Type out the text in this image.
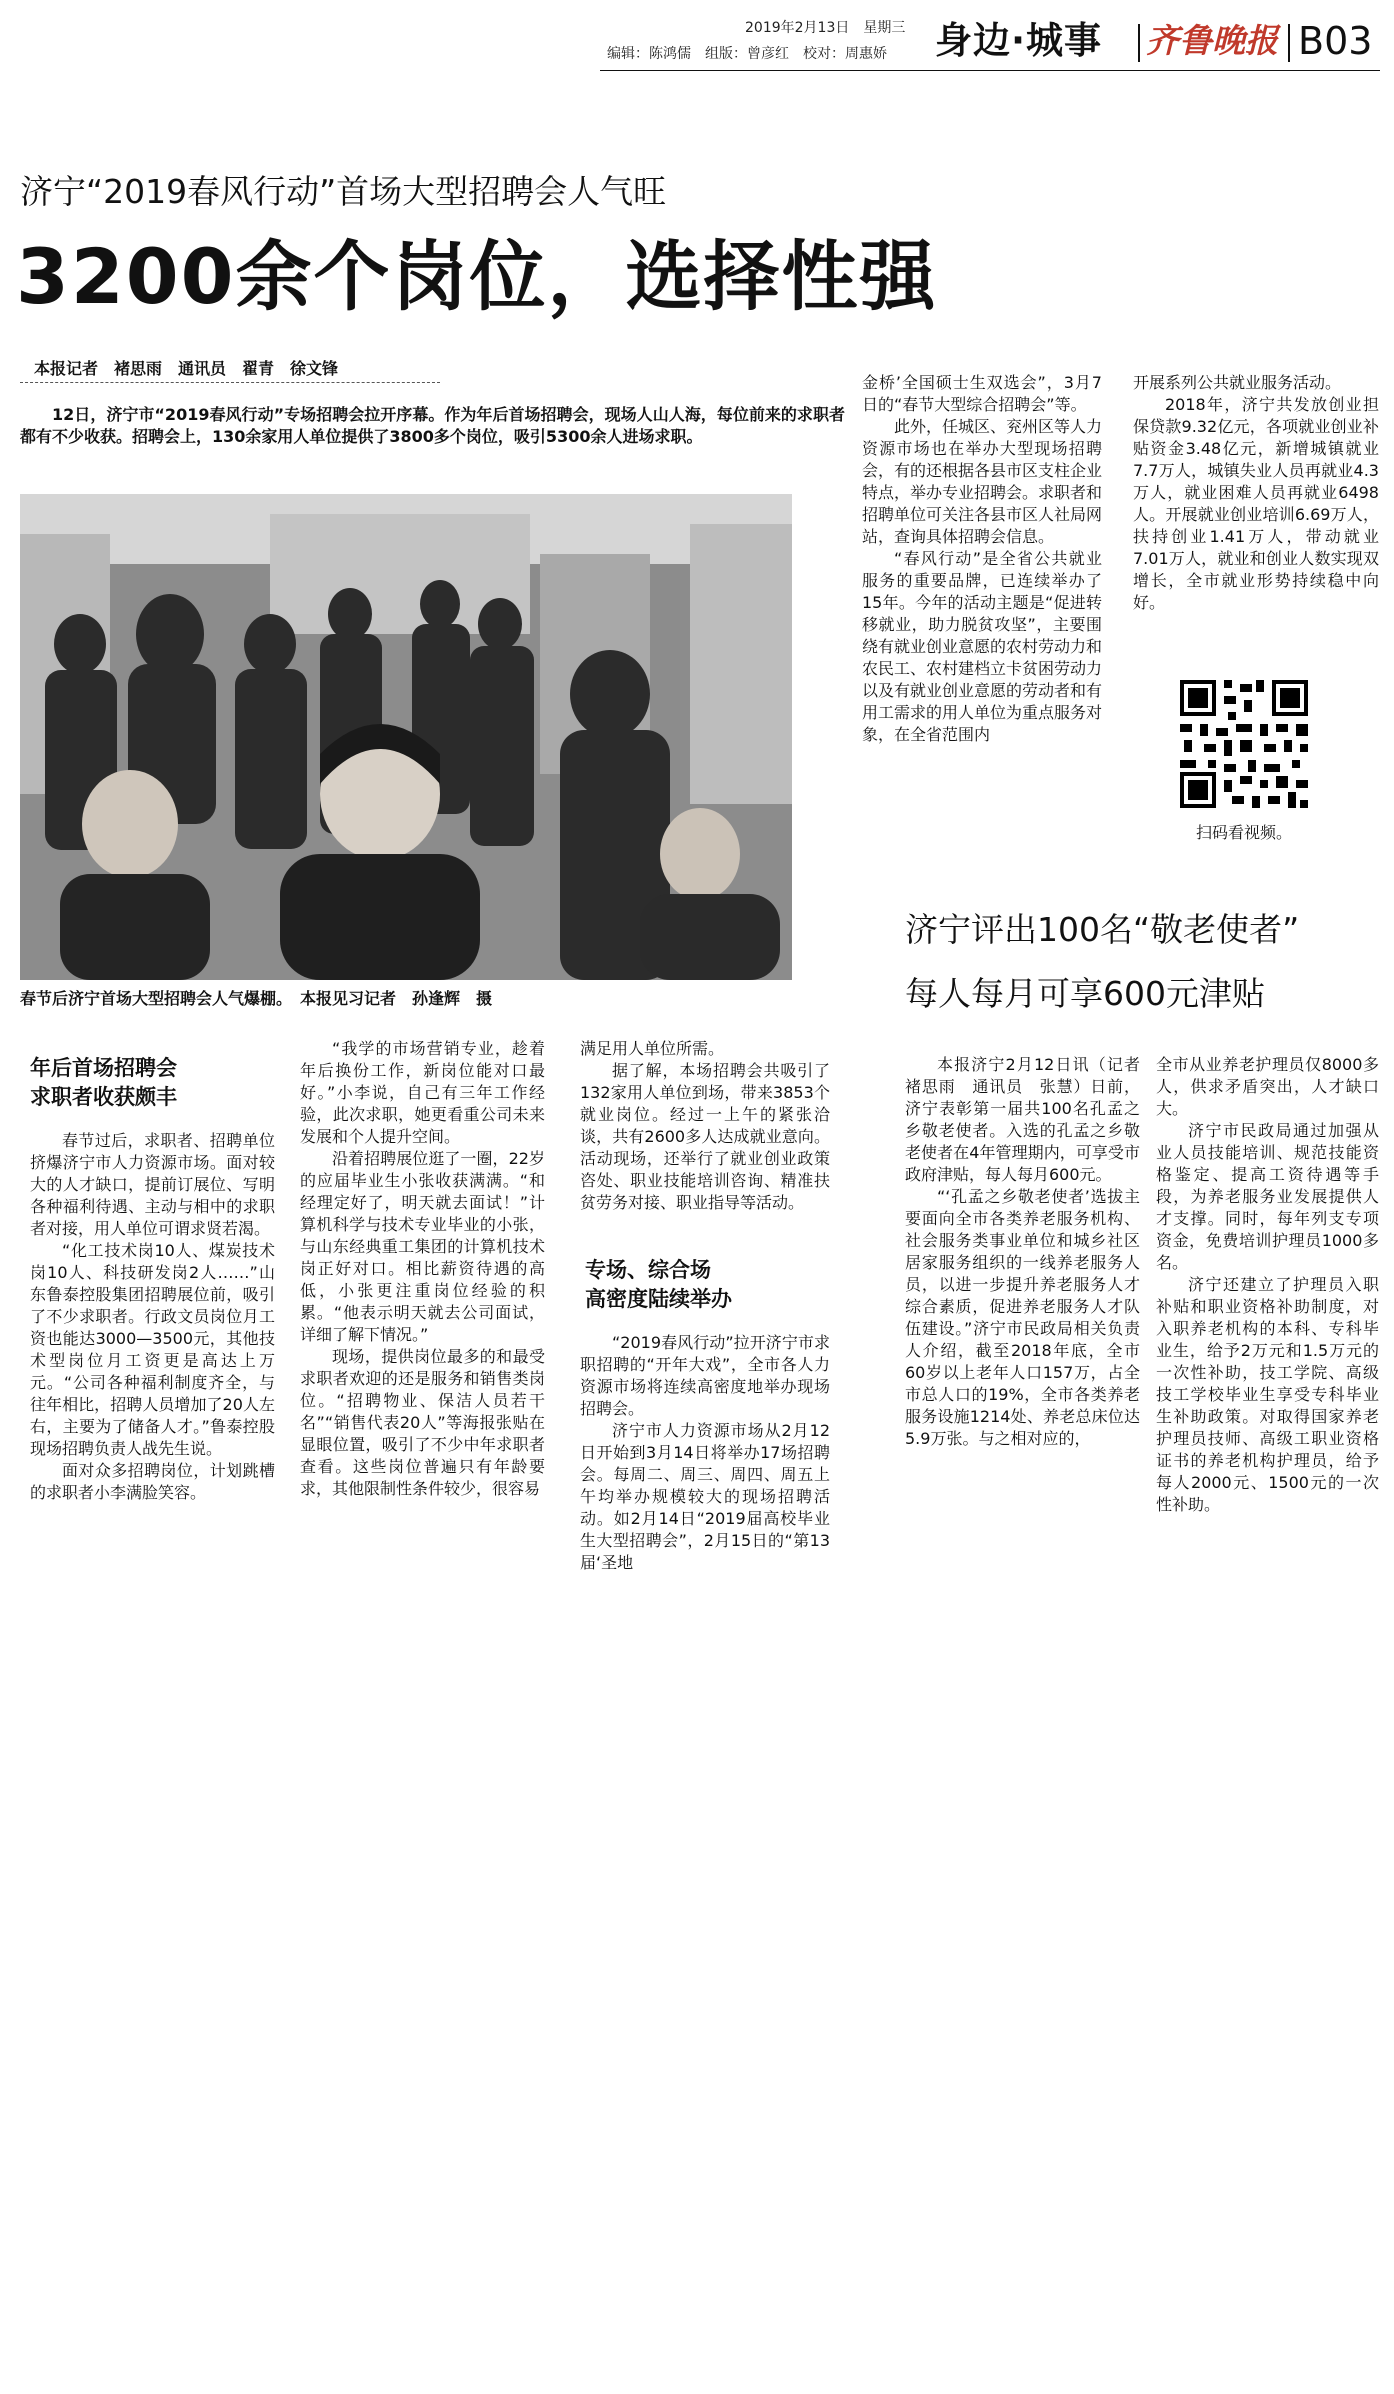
2019年2月13日　 星期三
编辑：陈鸿儒　组版：曾彦红　校对：周惠娇 身边·城事 齐鲁晚报 B03
济宁“2019春风行动”首场大型招聘会人气旺
3200余个岗位，选择性强
本报记者　褚思雨　通讯员　翟青　徐文锋
12日，济宁市“2019春风行动”专场招聘会拉开序幕。作为年后首场招聘会，现场人山人海，每位前来的求职者都有不少收获。招聘会上，130余家用人单位提供了3800多个岗位，吸引5300余人进场求职。
春节后济宁首场大型招聘会人气爆棚。　本报见习记者　孙逢辉　摄
年后首场招聘会
求职者收获颇丰

春节过后，求职者、招聘单位挤爆济宁市人力资源市场。面对较大的人才缺口，提前订展位、写明各种福利待遇、主动与相中的求职者对接，用人单位可谓求贤若渴。

“化工技术岗10人、煤炭技术岗10人、科技研发岗2人……”山东鲁泰控股集团招聘展位前，吸引了不少求职者。行政文员岗位月工资也能达3000—3500元，其他技术型岗位月工资更是高达上万元。“公司各种福利制度齐全，与往年相比，招聘人员增加了20人左右，主要为了储备人才。”鲁泰控股现场招聘负责人战先生说。

面对众多招聘岗位，计划跳槽的求职者小李满脸笑容。

“我学的市场营销专业，趁着年后换份工作，新岗位能对口最好。”小李说，自己有三年工作经验，此次求职，她更看重公司未来发展和个人提升空间。

沿着招聘展位逛了一圈，22岁的应届毕业生小张收获满满。“和经理定好了，明天就去面试！”计算机科学与技术专业毕业的小张，与山东经典重工集团的计算机技术岗正好对口。相比薪资待遇的高低，小张更注重岗位经验的积累。“他表示明天就去公司面试，详细了解下情况。”

现场，提供岗位最多的和最受求职者欢迎的还是服务和销售类岗位。“招聘物业、保洁人员若干名”“销售代表20人”等海报张贴在显眼位置，吸引了不少中年求职者查看。这些岗位普遍只有年龄要求，其他限制性条件较少，很容易

满足用人单位所需。

据了解，本场招聘会共吸引了132家用人单位到场，带来3853个就业岗位。经过一上午的紧张洽谈，共有2600多人达成就业意向。活动现场，还举行了就业创业政策咨处、职业技能培训咨询、精准扶贫劳务对接、职业指导等活动。

专场、综合场
高密度陆续举办

“2019春风行动”拉开济宁市求职招聘的“开年大戏”，全市各人力资源市场将连续高密度地举办现场招聘会。

济宁市人力资源市场从2月12日开始到3月14日将举办17场招聘会。每周二、周三、周四、周五上午均举办规模较大的现场招聘活动。如2月14日“2019届高校毕业生大型招聘会”，2月15日的“第13届‘圣地

金桥’全国硕士生双选会”，3月7日的“春节大型综合招聘会”等。

此外，任城区、兖州区等人力资源市场也在举办大型现场招聘会，有的还根据各县市区支柱企业特点，举办专业招聘会。求职者和招聘单位可关注各县市区人社局网站，查询具体招聘会信息。

“春风行动”是全省公共就业服务的重要品牌，已连续举办了15年。今年的活动主题是“促进转移就业，助力脱贫攻坚”，主要围绕有就业创业意愿的农村劳动力和农民工、农村建档立卡贫困劳动力以及有就业创业意愿的劳动者和有用工需求的用人单位为重点服务对象，在全省范围内

开展系列公共就业服务活动。

2018年，济宁共发放创业担保贷款9.32亿元，各项就业创业补贴资金3.48亿元，新增城镇就业7.7万人，城镇失业人员再就业4.3万人，就业困难人员再就业6498人。开展就业创业培训6.69万人，扶持创业1.41万人，带动就业7.01万人，就业和创业人数实现双增长，全市就业形势持续稳中向好。

扫码看视频。
济宁评出100名“敬老使者”
每人每月可享600元津贴

本报济宁2月12日讯（记者　褚思雨　通讯员　张慧）日前，济宁表彰第一届共100名孔孟之乡敬老使者。入选的孔孟之乡敬老使者在4年管理期内，可享受市政府津贴，每人每月600元。

“‘孔孟之乡敬老使者’选拔主要面向全市各类养老服务机构、社会服务类事业单位和城乡社区居家服务组织的一线养老服务人员，以进一步提升养老服务人才综合素质，促进养老服务人才队伍建设。”济宁市民政局相关负责人介绍，截至2018年底，全市60岁以上老年人口157万，占全市总人口的19%，全市各类养老服务设施1214处、养老总床位达5.9万张。与之相对应的，

全市从业养老护理员仅8000多人，供求矛盾突出，人才缺口大。

济宁市民政局通过加强从业人员技能培训、规范技能资格鉴定、提高工资待遇等手段，为养老服务业发展提供人才支撑。同时，每年列支专项资金，免费培训护理员1000多名。

济宁还建立了护理员入职补贴和职业资格补助制度，对入职养老机构的本科、专科毕业生，给予2万元和1.5万元的一次性补助，技工学院、高级技工学校毕业生享受专科毕业生补助政策。对取得国家养老护理员技师、高级工职业资格证书的养老机构护理员，给予每人2000元、1500元的一次性补助。
